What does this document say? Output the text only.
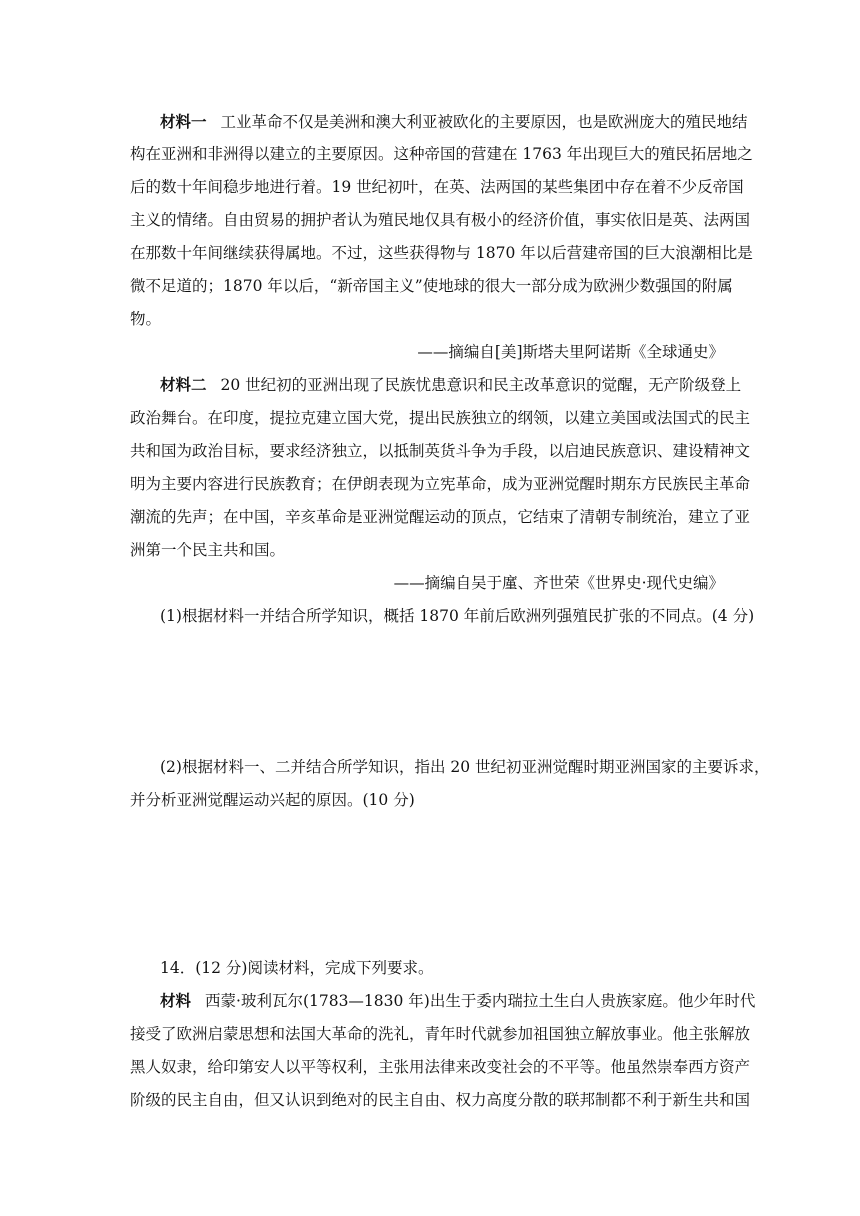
材料一 工业革命不仅是美洲和澳大利亚被欧化的主要原因，也是欧洲庞大的殖民地结
构在亚洲和非洲得以建立的主要原因。这种帝国的营建在 1763 年出现巨大的殖民拓居地之
后的数十年间稳步地进行着。19 世纪初叶，在英、法两国的某些集团中存在着不少反帝国
主义的情绪。自由贸易的拥护者认为殖民地仅具有极小的经济价值，事实依旧是英、法两国
在那数十年间继续获得属地。不过，这些获得物与 1870 年以后营建帝国的巨大浪潮相比是
微不足道的；1870 年以后，“新帝国主义”使地球的很大一部分成为欧洲少数强国的附属
物。
——摘编自[美]斯塔夫里阿诺斯《全球通史》
材料二 20 世纪初的亚洲出现了民族忧患意识和民主改革意识的觉醒，无产阶级登上
政治舞台。在印度，提拉克建立国大党，提出民族独立的纲领，以建立美国或法国式的民主
共和国为政治目标，要求经济独立，以抵制英货斗争为手段，以启迪民族意识、建设精神文
明为主要内容进行民族教育；在伊朗表现为立宪革命，成为亚洲觉醒时期东方民族民主革命
潮流的先声；在中国，辛亥革命是亚洲觉醒运动的顶点，它结束了清朝专制统治，建立了亚
洲第一个民主共和国。
——摘编自吴于廑、齐世荣《世界史·现代史编》
(1)根据材料一并结合所学知识，概括 1870 年前后欧洲列强殖民扩张的不同点。(4 分)
(2)根据材料一、二并结合所学知识，指出 20 世纪初亚洲觉醒时期亚洲国家的主要诉求，
并分析亚洲觉醒运动兴起的原因。(10 分)
14．(12 分)阅读材料，完成下列要求。
材料 西蒙·玻利瓦尔(1783—1830 年)出生于委内瑞拉土生白人贵族家庭。他少年时代
接受了欧洲启蒙思想和法国大革命的洗礼，青年时代就参加祖国独立解放事业。他主张解放
黑人奴隶，给印第安人以平等权利，主张用法律来改变社会的不平等。他虽然崇奉西方资产
阶级的民主自由，但又认识到绝对的民主自由、权力高度分散的联邦制都不利于新生共和国
